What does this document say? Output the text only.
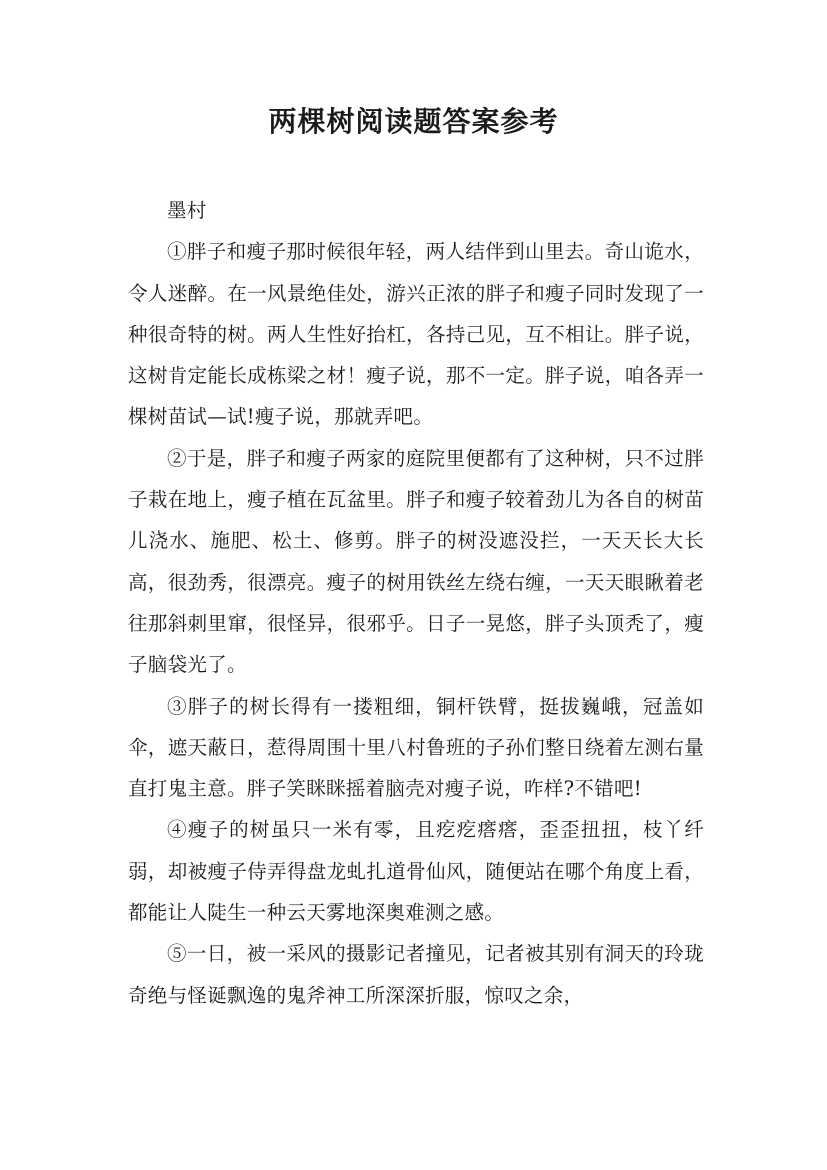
两棵树阅读题答案参考

墨村

①胖子和瘦子那时候很年轻，两人结伴到山里去。奇山诡水，令人迷醉。在一风景绝佳处，游兴正浓的胖子和瘦子同时发现了一种很奇特的树。两人生性好抬杠，各持己见，互不相让。胖子说，这树肯定能长成栋梁之材！瘦子说，那不一定。胖子说，咱各弄一棵树苗试—试!瘦子说，那就弄吧。

②于是，胖子和瘦子两家的庭院里便都有了这种树，只不过胖子栽在地上，瘦子植在瓦盆里。胖子和瘦子较着劲儿为各自的树苗儿浇水、施肥、松土、修剪。胖子的树没遮没拦，一天天长大长高，很劲秀，很漂亮。瘦子的树用铁丝左绕右缠，一天天眼瞅着老往那斜刺里窜，很怪异，很邪乎。日子一晃悠，胖子头顶秃了，瘦子脑袋光了。

③胖子的树长得有一搂粗细，铜杆铁臂，挺拔巍峨，冠盖如伞，遮天蔽日，惹得周围十里八村鲁班的子孙们整日绕着左测右量直打鬼主意。胖子笑眯眯摇着脑壳对瘦子说，咋样?不错吧!

④瘦子的树虽只一米有零，且疙疙瘩瘩，歪歪扭扭，枝丫纤弱，却被瘦子侍弄得盘龙虬扎道骨仙风，随便站在哪个角度上看，都能让人陡生一种云天雾地深奥难测之感。

⑤一日，被一采风的摄影记者撞见，记者被其别有洞天的玲珑奇绝与怪诞飘逸的鬼斧神工所深深折服，惊叹之余，
